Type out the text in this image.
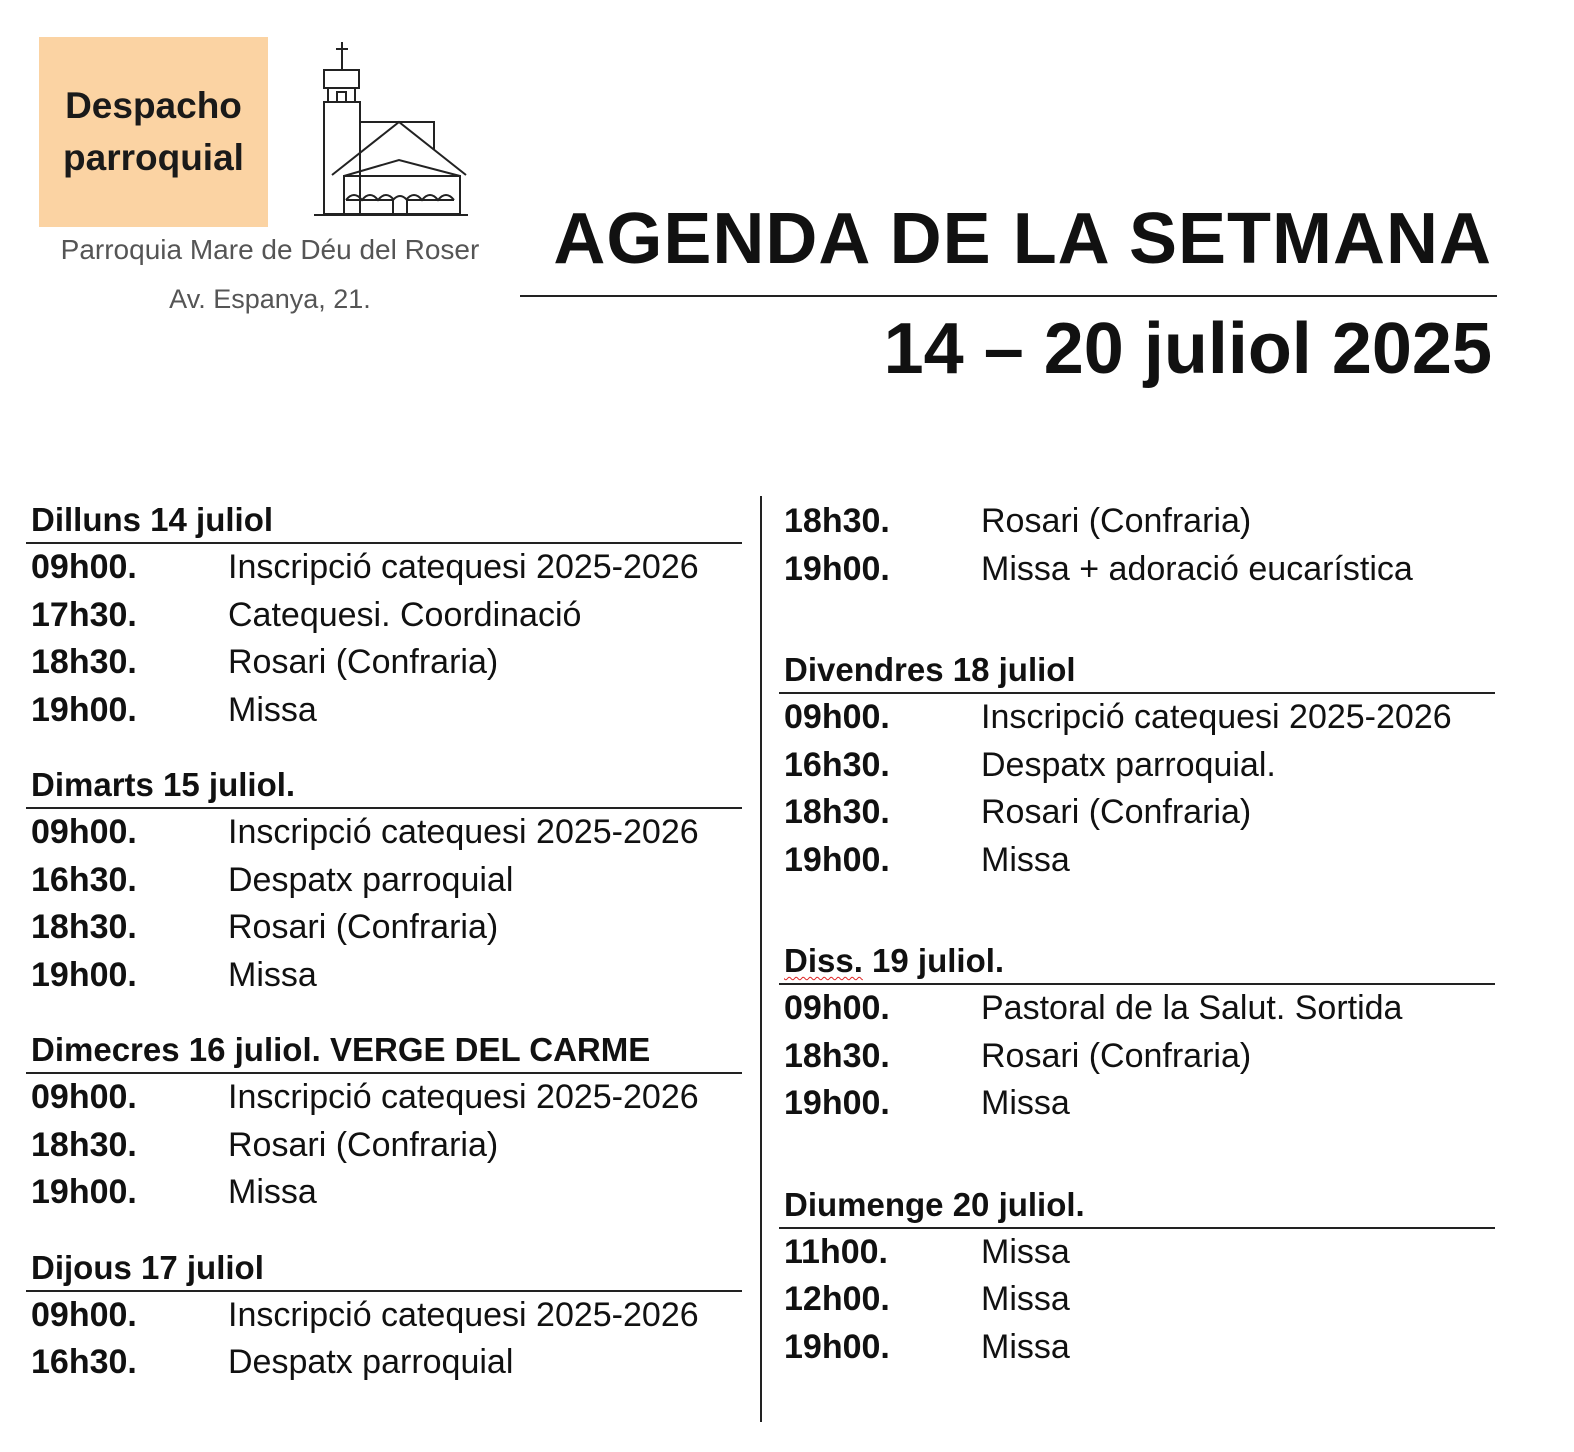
Despacho
parroquial
Parroquia Mare de Déu del Roser
Av. Espanya, 21.
AGENDA DE LA SETMANA
14 – 20 juliol 2025
Dilluns 14 juliol
09h00.	Inscripció catequesi 2025-2026
17h30.	Catequesi. Coordinació
18h30.	Rosari (Confraria)
19h00.	Missa
Dimarts 15 juliol.
09h00.	Inscripció catequesi 2025-2026
16h30.	Despatx parroquial
18h30.	Rosari (Confraria)
19h00.	Missa
Dimecres 16 juliol. VERGE DEL CARME
09h00.	Inscripció catequesi 2025-2026
18h30.	Rosari (Confraria)
19h00.	Missa
Dijous 17 juliol
09h00.	Inscripció catequesi 2025-2026
16h30.	Despatx parroquial
18h30.	Rosari (Confraria)
19h00.	Missa + adoració eucarística
Divendres 18 juliol
09h00.	Inscripció catequesi 2025-2026
16h30.	Despatx parroquial.
18h30.	Rosari (Confraria)
19h00.	Missa
Diss. 19 juliol.
09h00.	Pastoral de la Salut. Sortida
18h30.	Rosari (Confraria)
19h00.	Missa
Diumenge 20 juliol.
11h00.	Missa
12h00.	Missa
19h00.	Missa
